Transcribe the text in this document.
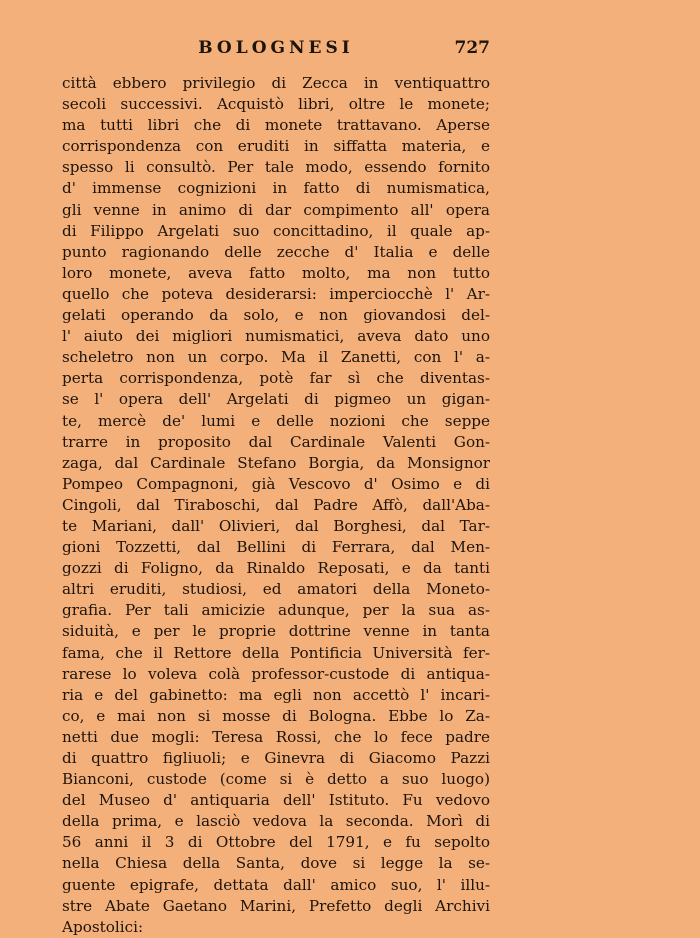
BOLOGNESI	727
città ebbero privilegio di Zecca in ventiquattro
secoli successivi. Acquistò libri, oltre le monete;
ma tutti libri che di monete trattavano. Aperse
corrispondenza con eruditi in siffatta materia, e
spesso li consultò. Per tale modo, essendo fornito
d' immense cognizioni in fatto di numismatica,
gli venne in animo di dar compimento all' opera
di Filippo Argelati suo concittadino, il quale ap-
punto ragionando delle zecche d' Italia e delle
loro monete, aveva fatto molto, ma non tutto
quello che poteva desiderarsi: imperciocchè l' Ar-
gelati operando da solo, e non giovandosi del-
l' aiuto dei migliori numismatici, aveva dato uno
scheletro non un corpo. Ma il Zanetti, con l' a-
perta corrispondenza, potè far sì che diventas-
se l' opera dell' Argelati di pigmeo un gigan-
te, mercè de' lumi e delle nozioni che seppe
trarre in proposito dal Cardinale Valenti Gon-
zaga, dal Cardinale Stefano Borgia, da Monsignor
Pompeo Compagnoni, già Vescovo d' Osimo e di
Cingoli, dal Tiraboschi, dal Padre Affò, dall'Aba-
te Mariani, dall' Olivieri, dal Borghesi, dal Tar-
gioni Tozzetti, dal Bellini di Ferrara, dal Men-
gozzi di Foligno, da Rinaldo Reposati, e da tanti
altri eruditi, studiosi, ed amatori della Moneto-
grafia. Per tali amicizie adunque, per la sua as-
siduità, e per le proprie dottrine venne in tanta
fama, che il Rettore della Pontificia Università fer-
rarese lo voleva colà professor-custode di antiqua-
ria e del gabinetto: ma egli non accettò l' incari-
co, e mai non si mosse di Bologna. Ebbe lo Za-
netti due mogli: Teresa Rossi, che lo fece padre
di quattro figliuoli; e Ginevra di Giacomo Pazzi
Bianconi, custode (come si è detto a suo luogo)
del Museo d' antiquaria dell' Istituto. Fu vedovo
della prima, e lasciò vedova la seconda. Morì di
56 anni il 3 di Ottobre del 1791, e fu sepolto
nella Chiesa della Santa, dove si legge la se-
guente epigrafe, dettata dall' amico suo, l' illu-
stre Abate Gaetano Marini, Prefetto degli Archivi
Apostolici:
